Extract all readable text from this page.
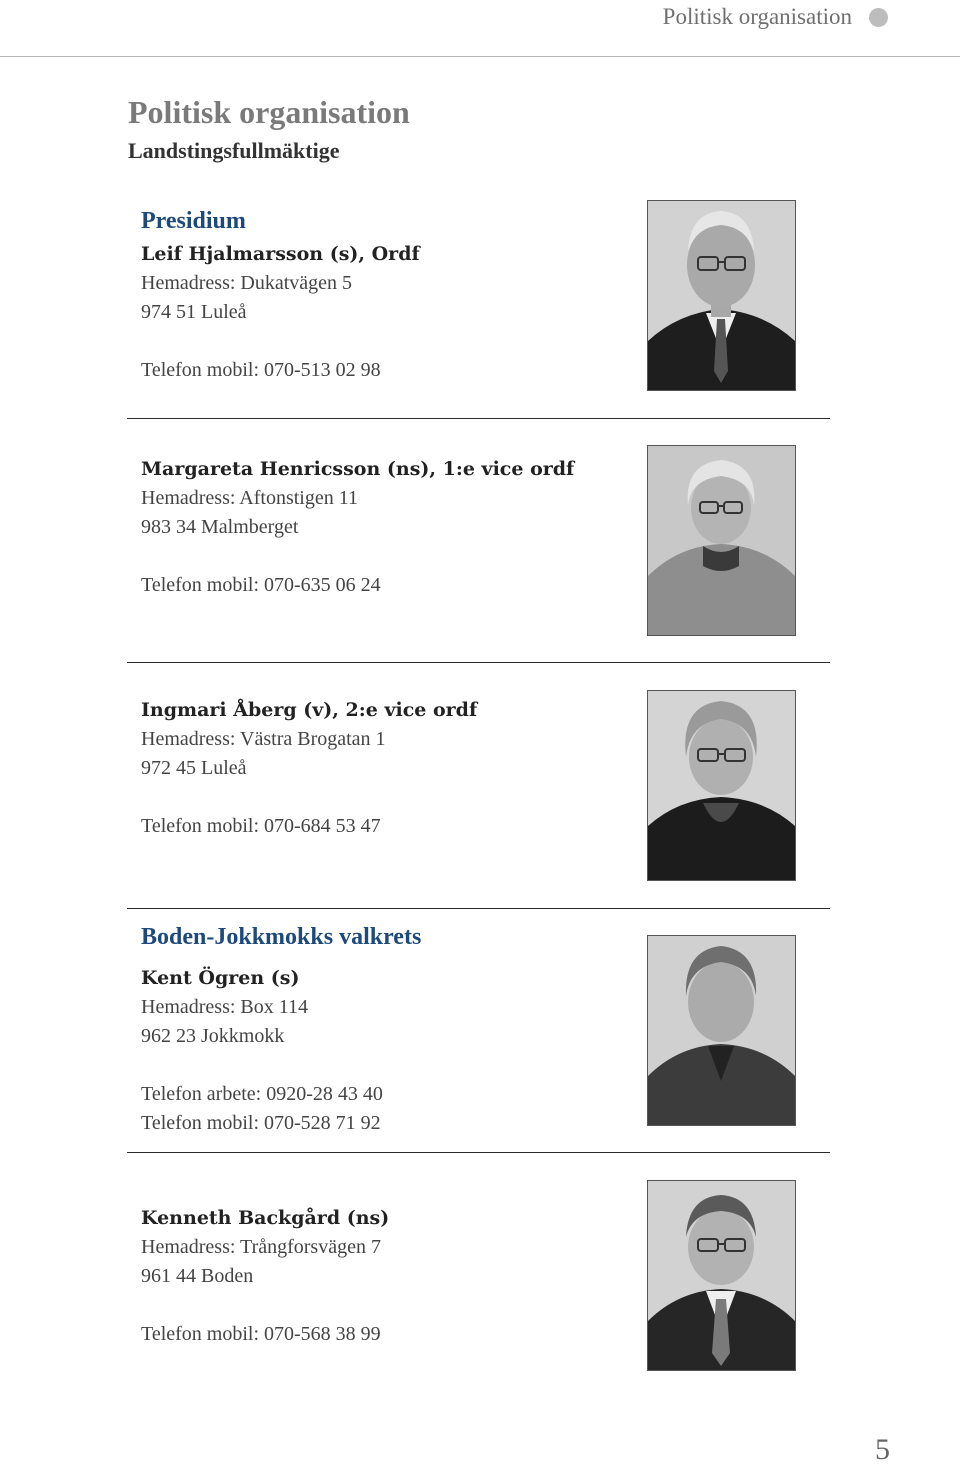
Politisk organisation
Politisk organisation
Landstingsfullmäktige
Presidium
Leif Hjalmarsson (s), Ordf
Hemadress: Dukatvägen 5
974 51 Luleå
Telefon mobil: 070-513 02 98
Margareta Henricsson (ns), 1:e vice ordf
Hemadress: Aftonstigen 11
983 34 Malmberget
Telefon mobil: 070-635 06 24
Ingmari Åberg (v), 2:e vice ordf
Hemadress: Västra Brogatan 1
972 45 Luleå
Telefon mobil: 070-684 53 47
Boden-Jokkmokks valkrets
Kent Ögren (s)
Hemadress: Box 114
962 23 Jokkmokk
Telefon arbete: 0920-28 43 40
Telefon mobil: 070-528 71 92
Kenneth Backgård (ns)
Hemadress: Trångforsvägen 7
961 44 Boden
Telefon mobil: 070-568 38 99
5
